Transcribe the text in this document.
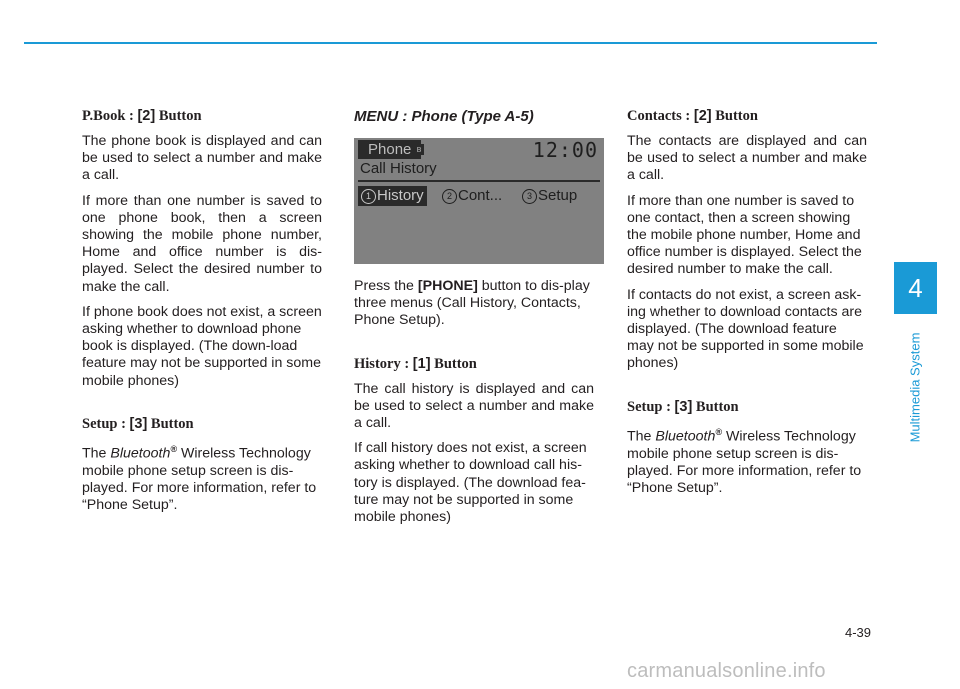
P.Book : [2] Button

The phone book is displayed and can be used to select a number and make a call.

If more than one number is saved to one phone book, then a screen showing the mobile phone number, Home and office number is dis-played. Select the desired number to make the call.

If phone book does not exist, a screen asking whether to download phone book is displayed. (The down-load feature may not be supported in some mobile phones)

Setup : [3] Button

The Bluetooth® Wireless Technology mobile phone setup screen is dis-played. For more information, refer to “Phone Setup”.

MENU : Phone (Type A-5)
Phone ʙ	12:00
Call History
1 History	2 Cont...	3 Setup

Press the [PHONE] button to dis-play three menus (Call History, Contacts, Phone Setup).

History : [1] Button

The call history is displayed and can be used to select a number and make a call.

If call history does not exist, a screen asking whether to download call his-tory is displayed. (The download fea-ture may not be supported in some mobile phones)

Contacts : [2] Button

The contacts are displayed and can be used to select a number and make a call.

If more than one number is saved to one contact, then a screen showing the mobile phone number, Home and office number is displayed. Select the desired number to make the call.

If contacts do not exist, a screen ask-ing whether to download contacts are displayed. (The download feature may not be supported in some mobile phones)

Setup : [3] Button

The Bluetooth® Wireless Technology mobile phone setup screen is dis-played. For more information, refer to “Phone Setup”.

4
Multimedia System
4-39
carmanualsonline.info
